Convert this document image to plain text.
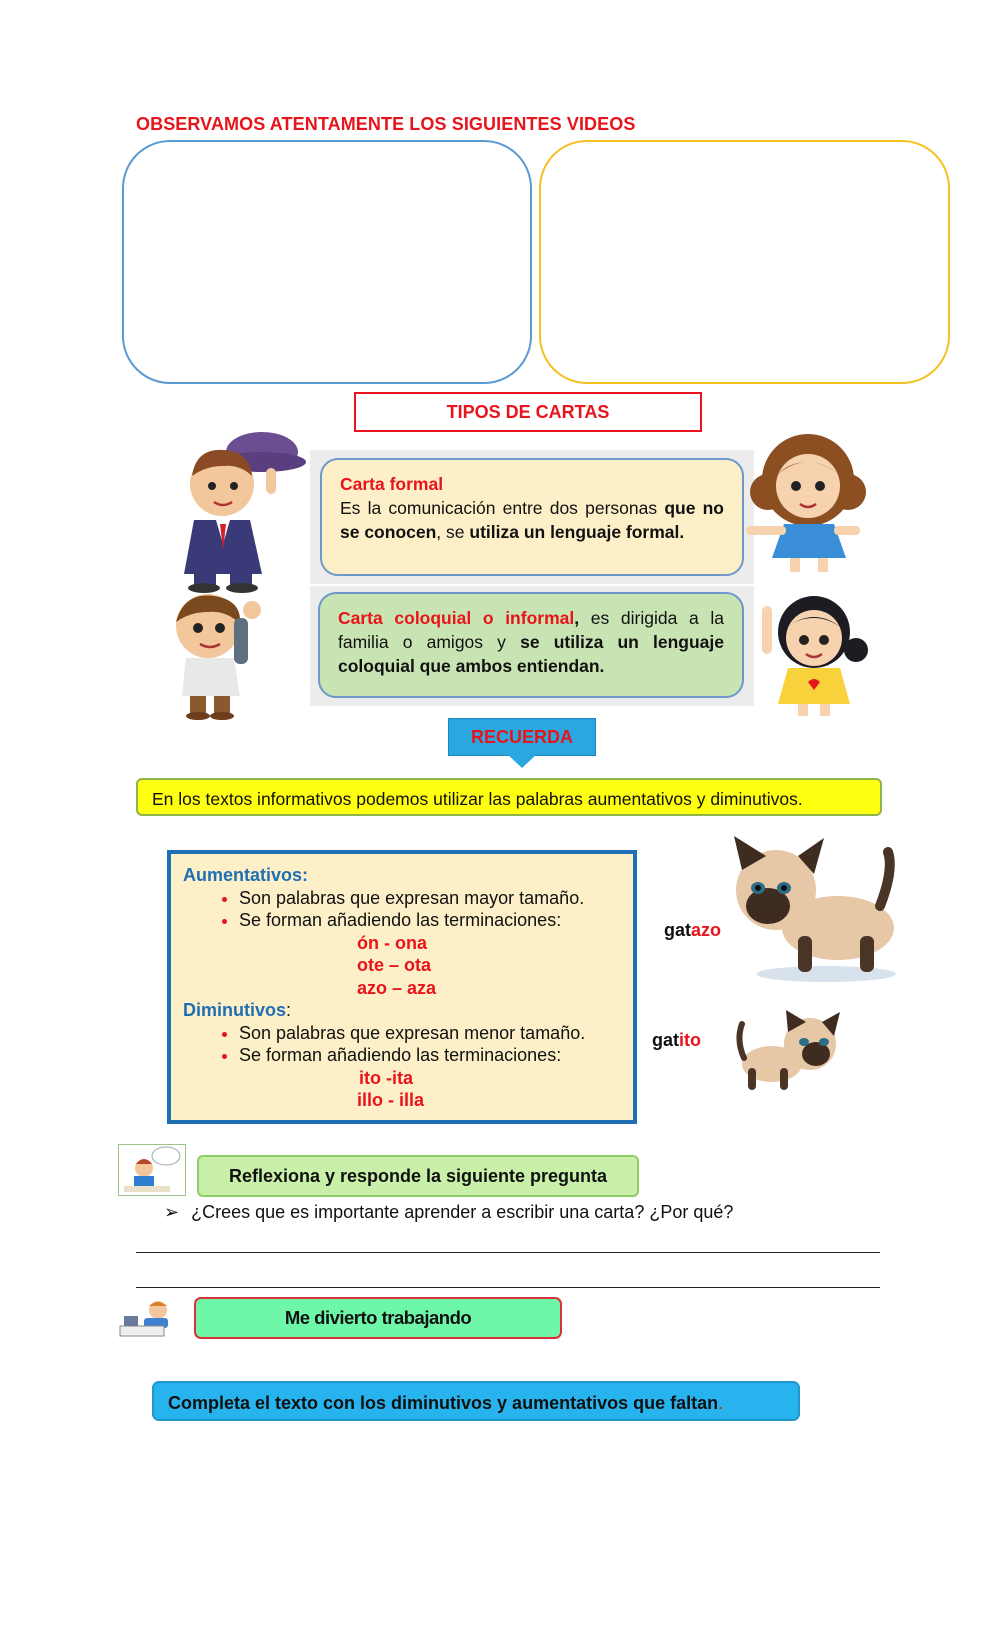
OBSERVAMOS ATENTAMENTE LOS SIGUIENTES VIDEOS
TIPOS DE CARTAS
Carta formal
Es la comunicación entre dos personas que no se conocen, se utiliza un lenguaje formal.
Carta coloquial o informal, es dirigida a la familia o amigos y se utiliza un lenguaje coloquial que ambos entiendan.
RECUERDA
En los textos informativos podemos utilizar las palabras aumentativos y diminutivos.
Aumentativos:
• Son palabras que expresan mayor tamaño.
• Se forman añadiendo las terminaciones:
ón - ona
ote – ota
azo – aza
Diminutivos:
• Son palabras que expresan menor tamaño.
• Se forman añadiendo las terminaciones:
ito -ita
illo - illa
gatazo
gatito
Reflexiona y responde la siguiente pregunta
➢ ¿Crees que es importante aprender a escribir una carta? ¿Por qué?
Me divierto trabajando
Completa el texto con los diminutivos y aumentativos que faltan.
